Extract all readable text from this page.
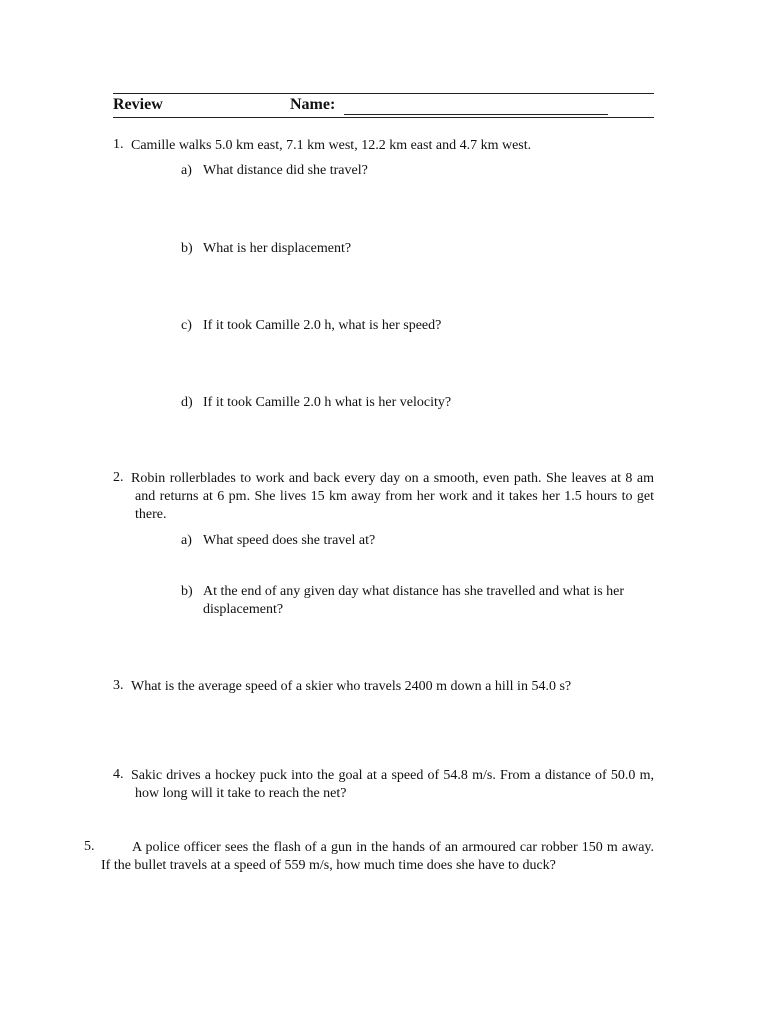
Review	Name:
1. Camille walks 5.0 km east, 7.1 km west, 12.2 km east and 4.7 km west.
a) What distance did she travel?
b) What is her displacement?
c) If it took Camille 2.0 h, what is her speed?
d) If it took Camille 2.0 h what is her velocity?
2. Robin rollerblades to work and back every day on a smooth, even path. She leaves at 8 am and returns at 6 pm. She lives 15 km away from her work and it takes her 1.5 hours to get there.
a) What speed does she travel at?
b) At the end of any given day what distance has she travelled and what is her displacement?
3. What is the average speed of a skier who travels 2400 m down a hill in 54.0 s?
4. Sakic drives a hockey puck into the goal at a speed of 54.8 m/s. From a distance of 50.0 m, how long will it take to reach the net?
5.	A police officer sees the flash of a gun in the hands of an armoured car robber 150 m away. If the bullet travels at a speed of 559 m/s, how much time does she have to duck?
